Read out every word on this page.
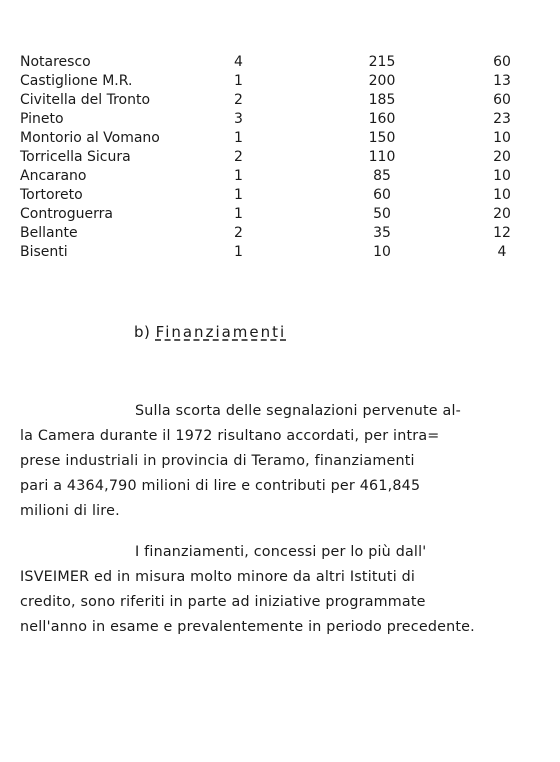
Notaresco	4	215	60
Castiglione M.R.	1	200	13
Civitella del Tronto	2	185	60
Pineto	3	160	23
Montorio al Vomano	1	150	10
Torricella Sicura	2	110	20
Ancarano	1	85	10
Tortoreto	1	60	10
Controguerra	1	50	20
Bellante	2	35	12
Bisenti	1	10	4
b) Finanziamenti
Sulla scorta delle segnalazioni pervenute al-
la Camera durante il 1972 risultano accordati, per intra=
prese industriali in provincia di Teramo, finanziamenti
pari a 4364,790 milioni di lire e contributi per 461,845
milioni di lire.
I finanziamenti, concessi per lo più dall'
ISVEIMER ed in misura molto minore da altri Istituti di
credito, sono riferiti in parte ad iniziative programmate
nell'anno in esame e prevalentemente in periodo precedente.
